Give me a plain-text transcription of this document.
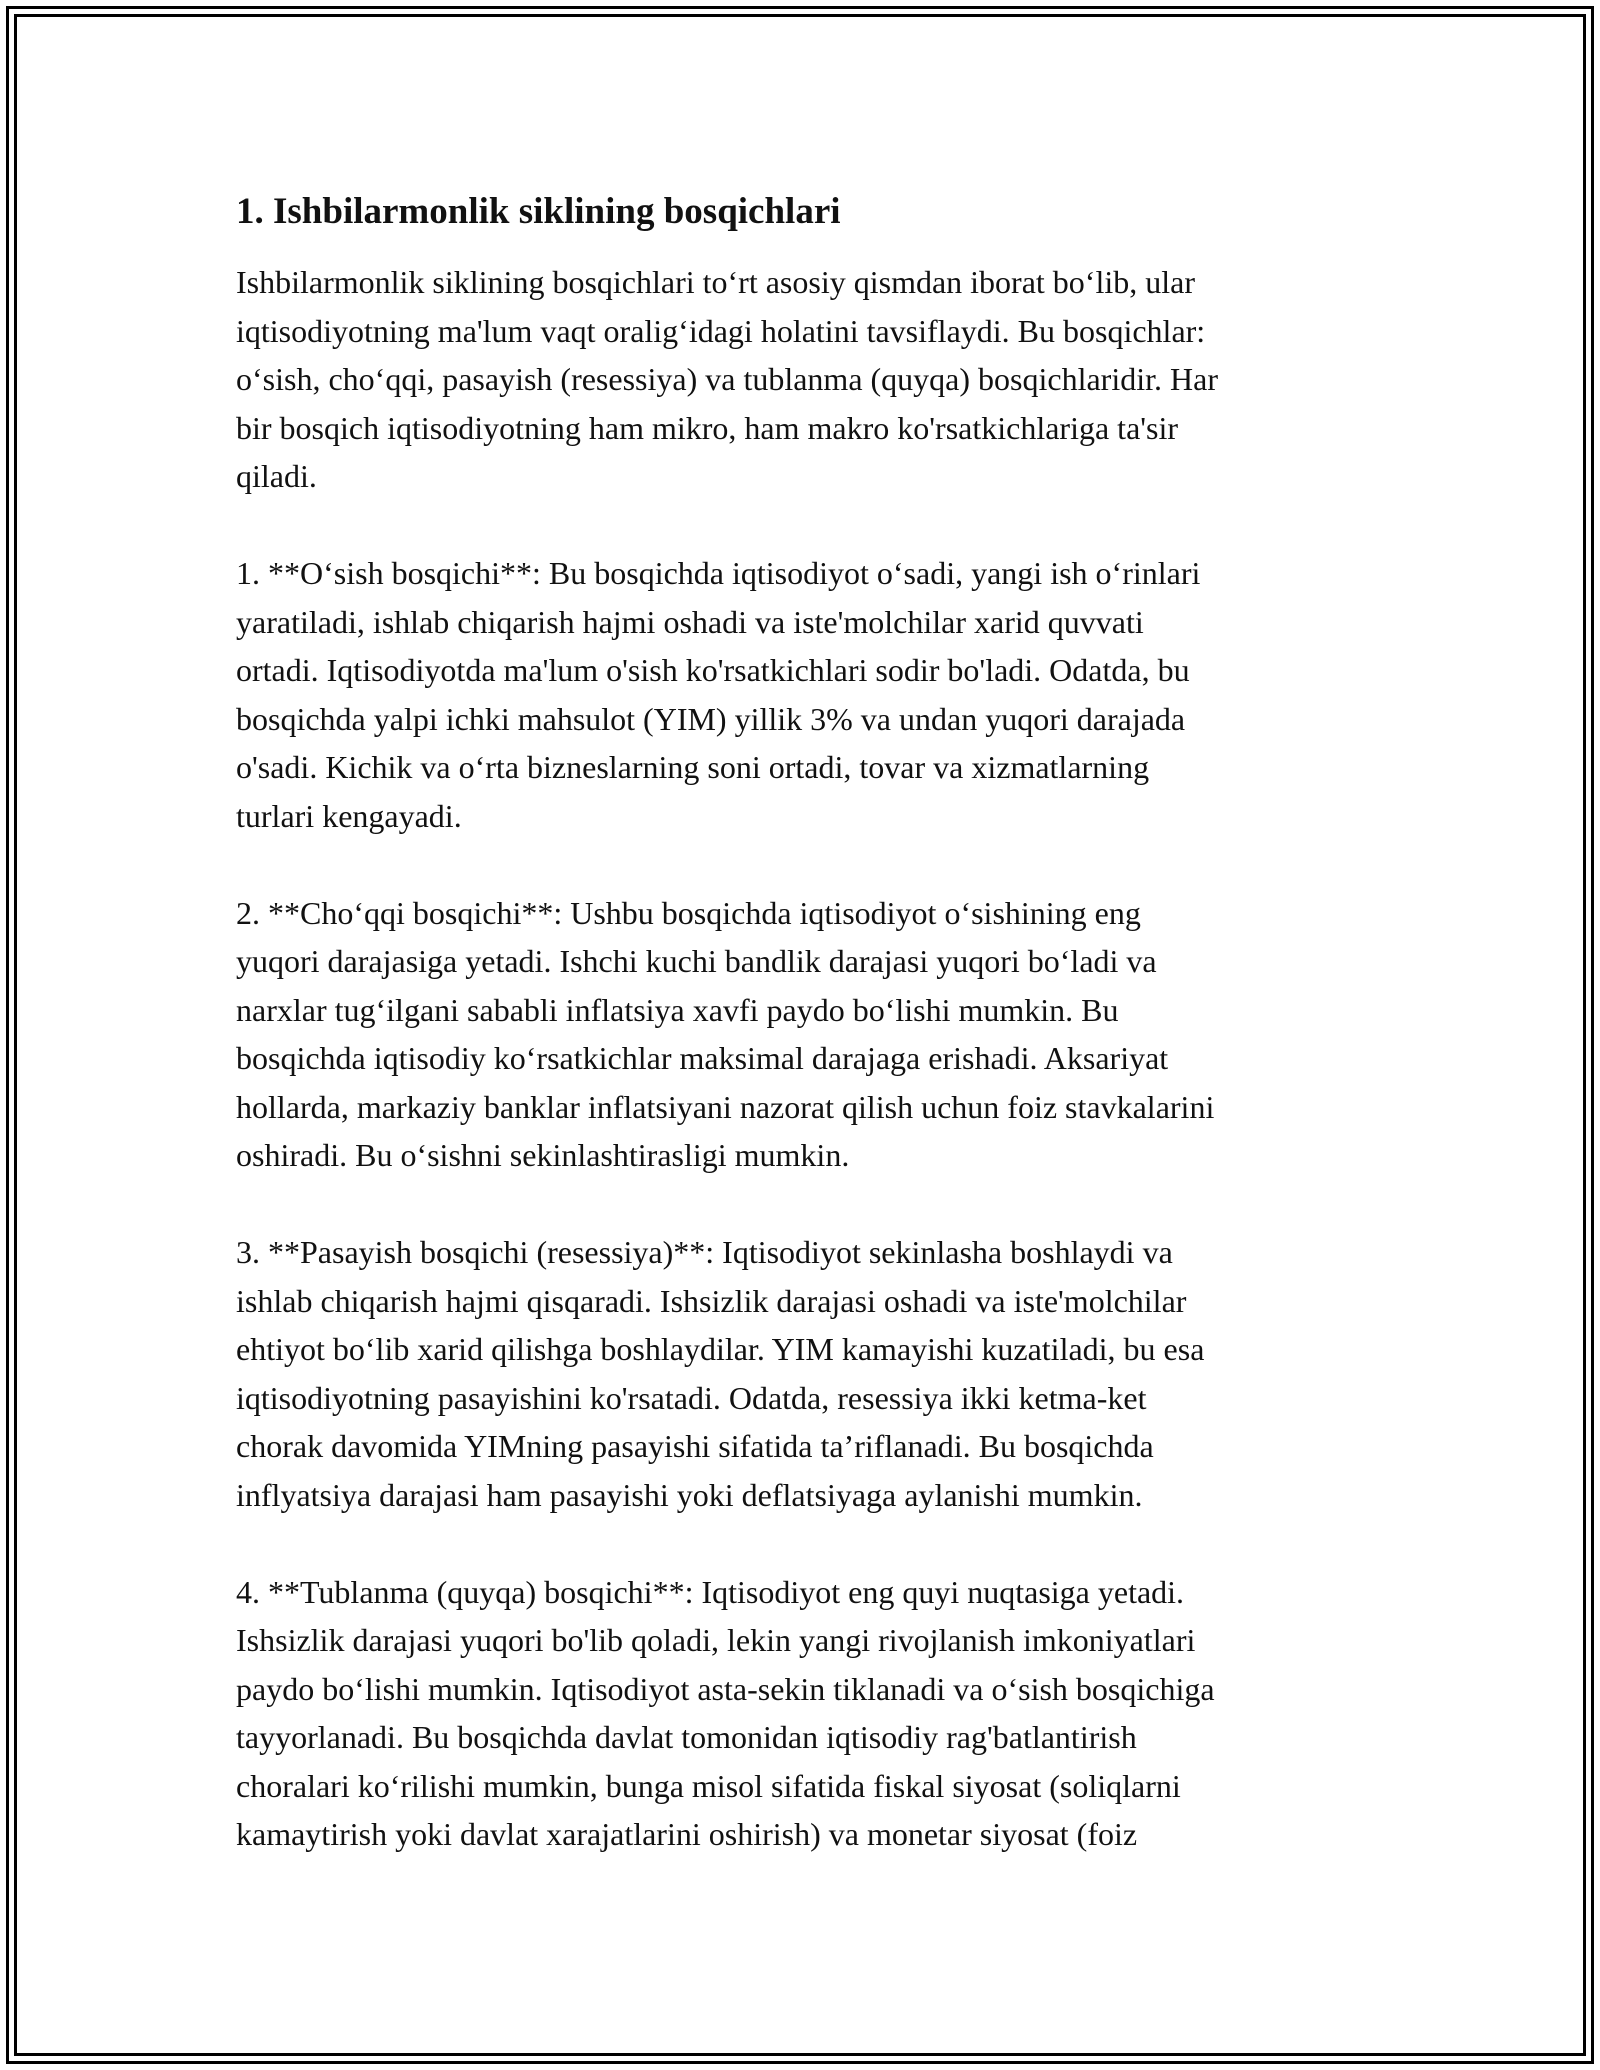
1. Ishbilarmonlik siklining bosqichlari

Ishbilarmonlik siklining bosqichlari to‘rt asosiy qismdan iborat bo‘lib, ular
iqtisodiyotning ma'lum vaqt oralig‘idagi holatini tavsiflaydi. Bu bosqichlar:
o‘sish, cho‘qqi, pasayish (resessiya) va tublanma (quyqa) bosqichlaridir. Har
bir bosqich iqtisodiyotning ham mikro, ham makro ko'rsatkichlariga ta'sir
qiladi.

1. **O‘sish bosqichi**: Bu bosqichda iqtisodiyot o‘sadi, yangi ish o‘rinlari
yaratiladi, ishlab chiqarish hajmi oshadi va iste'molchilar xarid quvvati
ortadi. Iqtisodiyotda ma'lum o'sish ko'rsatkichlari sodir bo'ladi. Odatda, bu
bosqichda yalpi ichki mahsulot (YIM) yillik 3% va undan yuqori darajada
o'sadi. Kichik va o‘rta bizneslarning soni ortadi, tovar va xizmatlarning
turlari kengayadi.

2. **Cho‘qqi bosqichi**: Ushbu bosqichda iqtisodiyot o‘sishining eng
yuqori darajasiga yetadi. Ishchi kuchi bandlik darajasi yuqori bo‘ladi va
narxlar tug‘ilgani sababli inflatsiya xavfi paydo bo‘lishi mumkin. Bu
bosqichda iqtisodiy ko‘rsatkichlar maksimal darajaga erishadi. Aksariyat
hollarda, markaziy banklar inflatsiyani nazorat qilish uchun foiz stavkalarini
oshiradi. Bu o‘sishni sekinlashtirasligi mumkin.

3. **Pasayish bosqichi (resessiya)**: Iqtisodiyot sekinlasha boshlaydi va
ishlab chiqarish hajmi qisqaradi. Ishsizlik darajasi oshadi va iste'molchilar
ehtiyot bo‘lib xarid qilishga boshlaydilar. YIM kamayishi kuzatiladi, bu esa
iqtisodiyotning pasayishini ko'rsatadi. Odatda, resessiya ikki ketma-ket
chorak davomida YIMning pasayishi sifatida ta’riflanadi. Bu bosqichda
inflyatsiya darajasi ham pasayishi yoki deflatsiyaga aylanishi mumkin.

4. **Tublanma (quyqa) bosqichi**: Iqtisodiyot eng quyi nuqtasiga yetadi.
Ishsizlik darajasi yuqori bo'lib qoladi, lekin yangi rivojlanish imkoniyatlari
paydo bo‘lishi mumkin. Iqtisodiyot asta-sekin tiklanadi va o‘sish bosqichiga
tayyorlanadi. Bu bosqichda davlat tomonidan iqtisodiy rag'batlantirish
choralari ko‘rilishi mumkin, bunga misol sifatida fiskal siyosat (soliqlarni
kamaytirish yoki davlat xarajatlarini oshirish) va monetar siyosat (foiz
